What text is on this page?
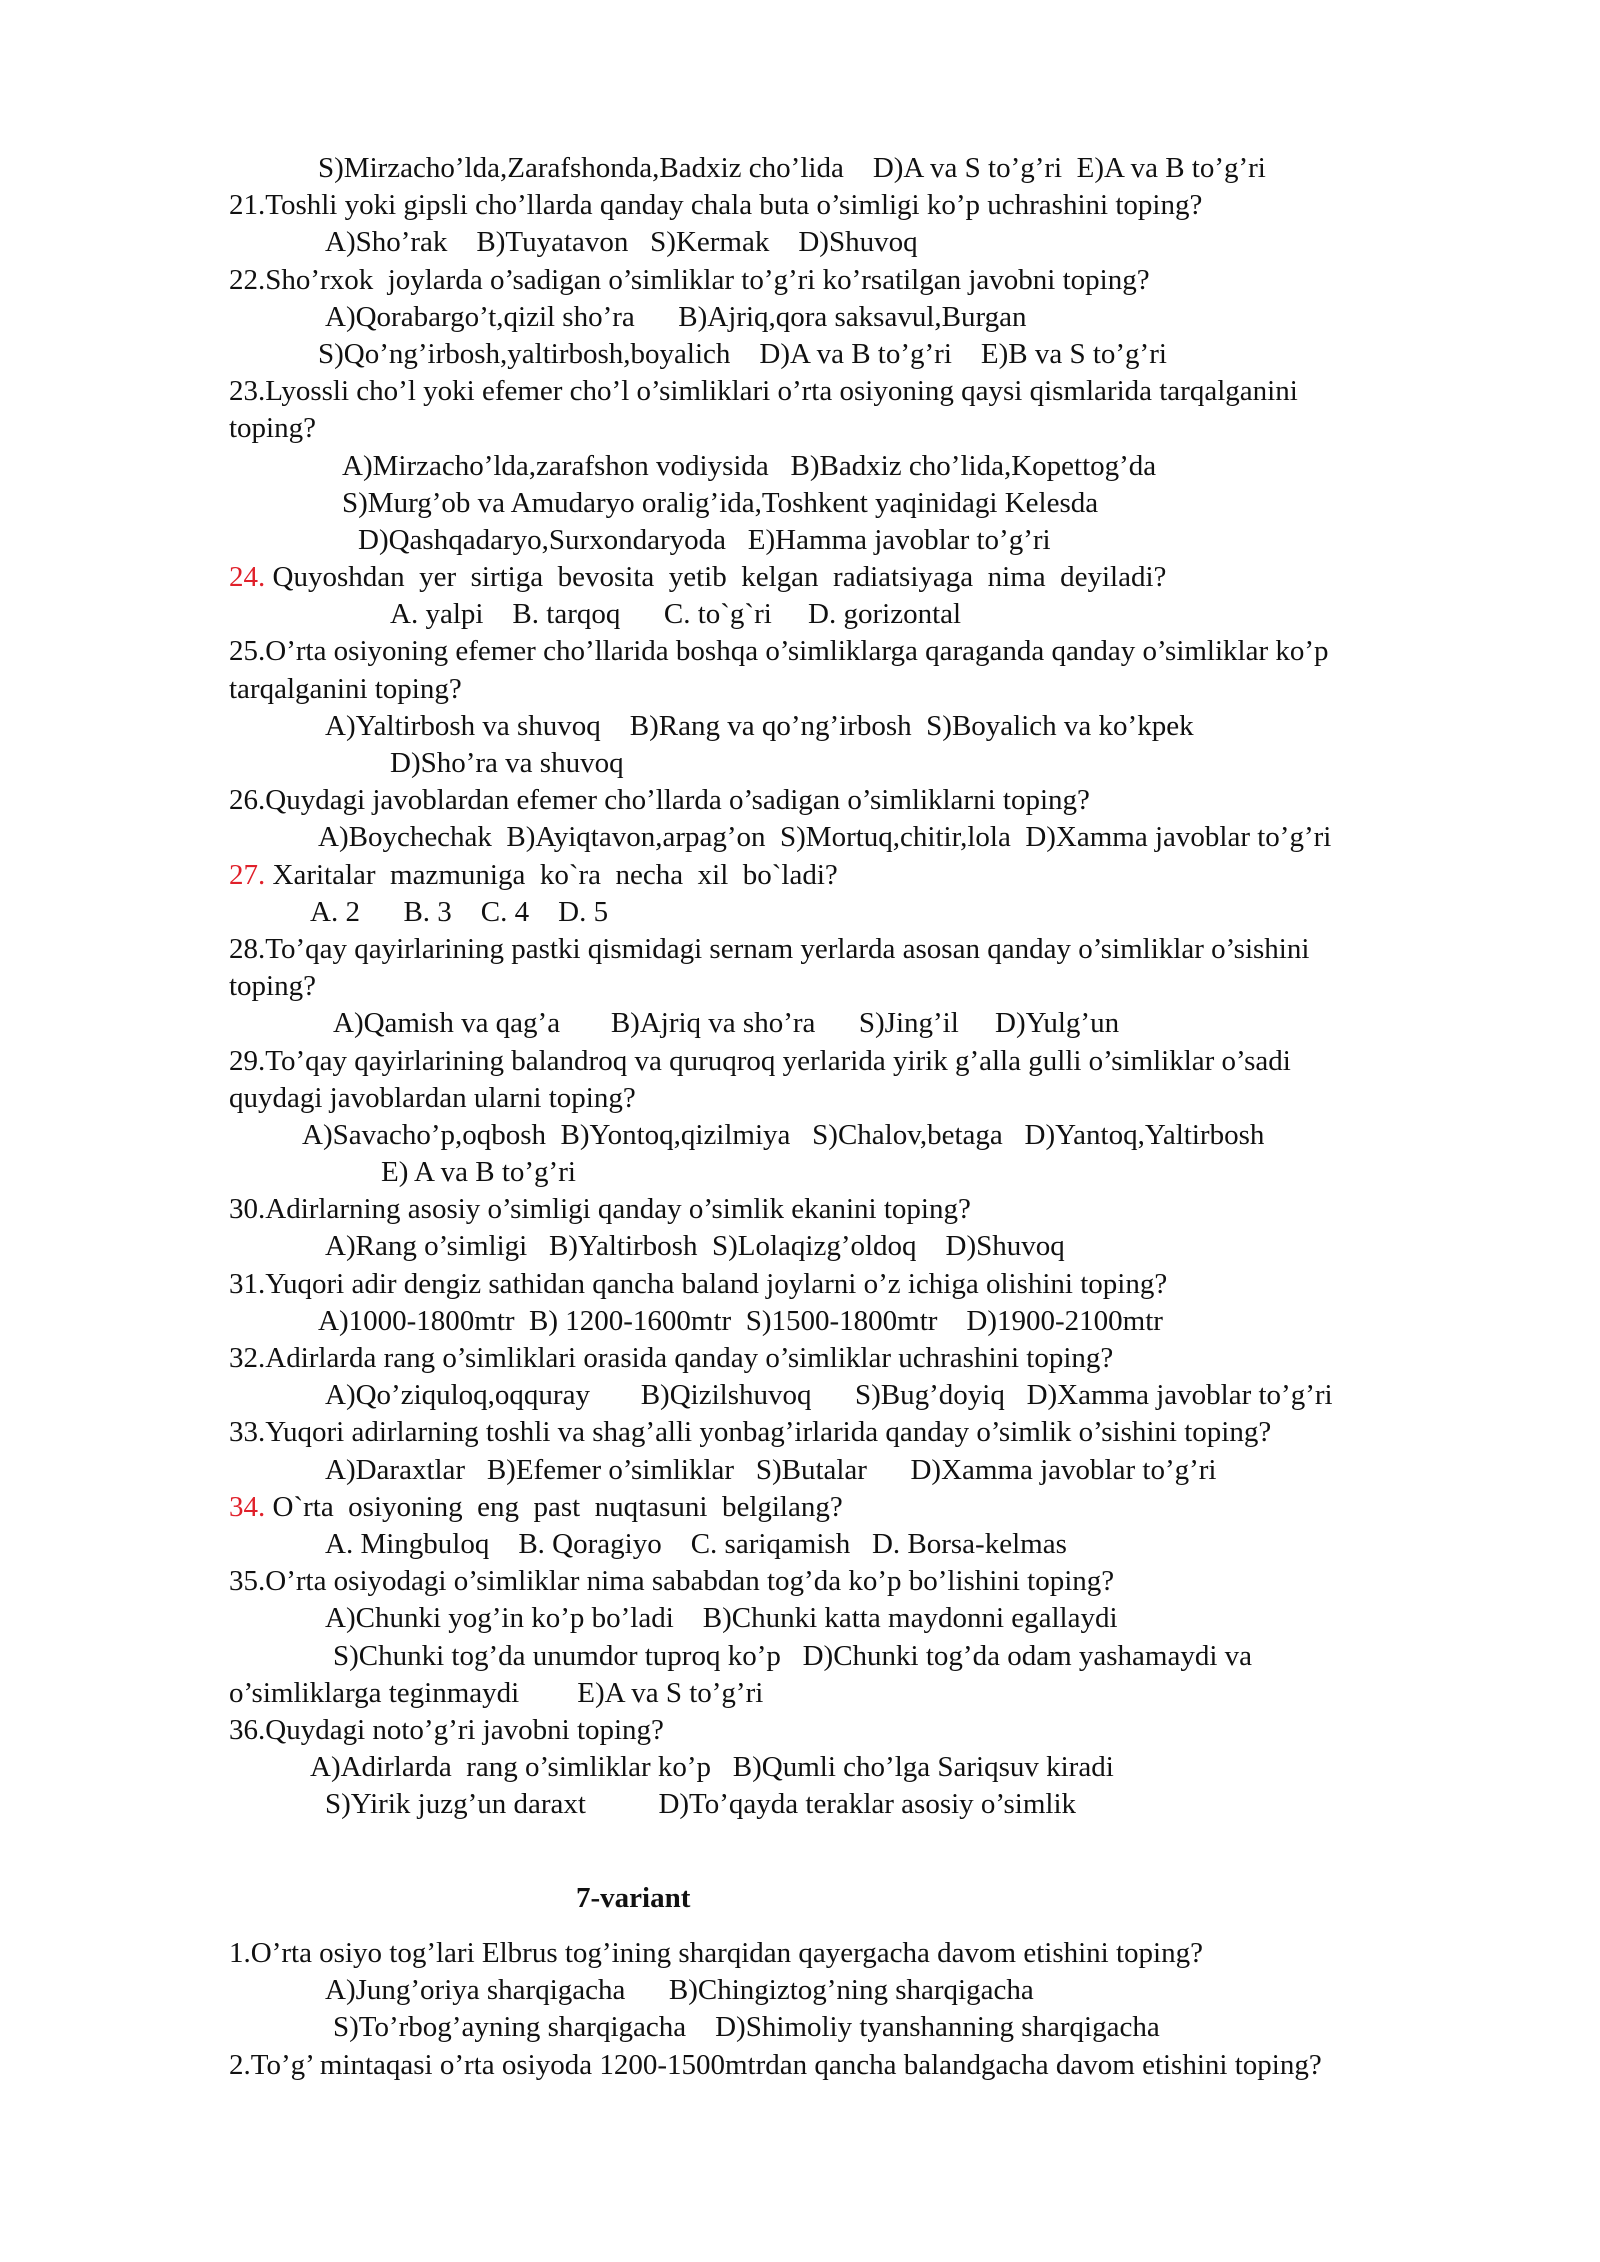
S)Mirzacho’lda,Zarafshonda,Badxiz cho’lida    D)A va S to’g’ri  E)A va B to’g’ri
21.Toshli yoki gipsli cho’llarda qanday chala buta o’simligi ko’p uchrashini toping?
A)Sho’rak    B)Tuyatavon   S)Kermak    D)Shuvoq
22.Sho’rxok  joylarda o’sadigan o’simliklar to’g’ri ko’rsatilgan javobni toping?
A)Qorabargo’t,qizil sho’ra      B)Ajriq,qora saksavul,Burgan
S)Qo’ng’irbosh,yaltirbosh,boyalich    D)A va B to’g’ri    E)B va S to’g’ri
23.Lyossli cho’l yoki efemer cho’l o’simliklari o’rta osiyoning qaysi qismlarida tarqalganini
toping?
A)Mirzacho’lda,zarafshon vodiysida   B)Badxiz cho’lida,Kopettog’da
S)Murg’ob va Amudaryo oralig’ida,Toshkent yaqinidagi Kelesda
D)Qashqadaryo,Surxondaryoda   E)Hamma javoblar to’g’ri
24. Quyoshdan  yer  sirtiga  bevosita  yetib  kelgan  radiatsiyaga  nima  deyiladi?
A. yalpi    B. tarqoq      C. to`g`ri     D. gorizontal
25.O’rta osiyoning efemer cho’llarida boshqa o’simliklarga qaraganda qanday o’simliklar ko’p
tarqalganini toping?
A)Yaltirbosh va shuvoq    B)Rang va qo’ng’irbosh  S)Boyalich va ko’kpek
D)Sho’ra va shuvoq
26.Quydagi javoblardan efemer cho’llarda o’sadigan o’simliklarni toping?
A)Boychechak  B)Ayiqtavon,arpag’on  S)Mortuq,chitir,lola  D)Xamma javoblar to’g’ri
27. Xaritalar  mazmuniga  ko`ra  necha  xil  bo`ladi?
A. 2      B. 3    C. 4    D. 5
28.To’qay qayirlarining pastki qismidagi sernam yerlarda asosan qanday o’simliklar o’sishini
toping?
A)Qamish va qag’a       B)Ajriq va sho’ra      S)Jing’il     D)Yulg’un
29.To’qay qayirlarining balandroq va quruqroq yerlarida yirik g’alla gulli o’simliklar o’sadi
quydagi javoblardan ularni toping?
A)Savacho’p,oqbosh  B)Yontoq,qizilmiya   S)Chalov,betaga   D)Yantoq,Yaltirbosh
E) A va B to’g’ri
30.Adirlarning asosiy o’simligi qanday o’simlik ekanini toping?
A)Rang o’simligi   B)Yaltirbosh  S)Lolaqizg’oldoq    D)Shuvoq
31.Yuqori adir dengiz sathidan qancha baland joylarni o’z ichiga olishini toping?
A)1000-1800mtr  B) 1200-1600mtr  S)1500-1800mtr    D)1900-2100mtr
32.Adirlarda rang o’simliklari orasida qanday o’simliklar uchrashini toping?
A)Qo’ziquloq,oqquray       B)Qizilshuvoq      S)Bug’doyiq   D)Xamma javoblar to’g’ri
33.Yuqori adirlarning toshli va shag’alli yonbag’irlarida qanday o’simlik o’sishini toping?
A)Daraxtlar   B)Efemer o’simliklar   S)Butalar      D)Xamma javoblar to’g’ri
34. O`rta  osiyoning  eng  past  nuqtasuni  belgilang?
A. Mingbuloq    B. Qoragiyo    C. sariqamish   D. Borsa-kelmas
35.O’rta osiyodagi o’simliklar nima sababdan tog’da ko’p bo’lishini toping?
A)Chunki yog’in ko’p bo’ladi    B)Chunki katta maydonni egallaydi
S)Chunki tog’da unumdor tuproq ko’p   D)Chunki tog’da odam yashamaydi va
o’simliklarga teginmaydi        E)A va S to’g’ri
36.Quydagi noto’g’ri javobni toping?
A)Adirlarda  rang o’simliklar ko’p   B)Qumli cho’lga Sariqsuv kiradi
S)Yirik juzg’un daraxt          D)To’qayda teraklar asosiy o’simlik
7-variant
1.O’rta osiyo tog’lari Elbrus tog’ining sharqidan qayergacha davom etishini toping?
A)Jung’oriya sharqigacha      B)Chingiztog’ning sharqigacha
S)To’rbog’ayning sharqigacha    D)Shimoliy tyanshanning sharqigacha
2.To’g’ mintaqasi o’rta osiyoda 1200-1500mtrdan qancha balandgacha davom etishini toping?
